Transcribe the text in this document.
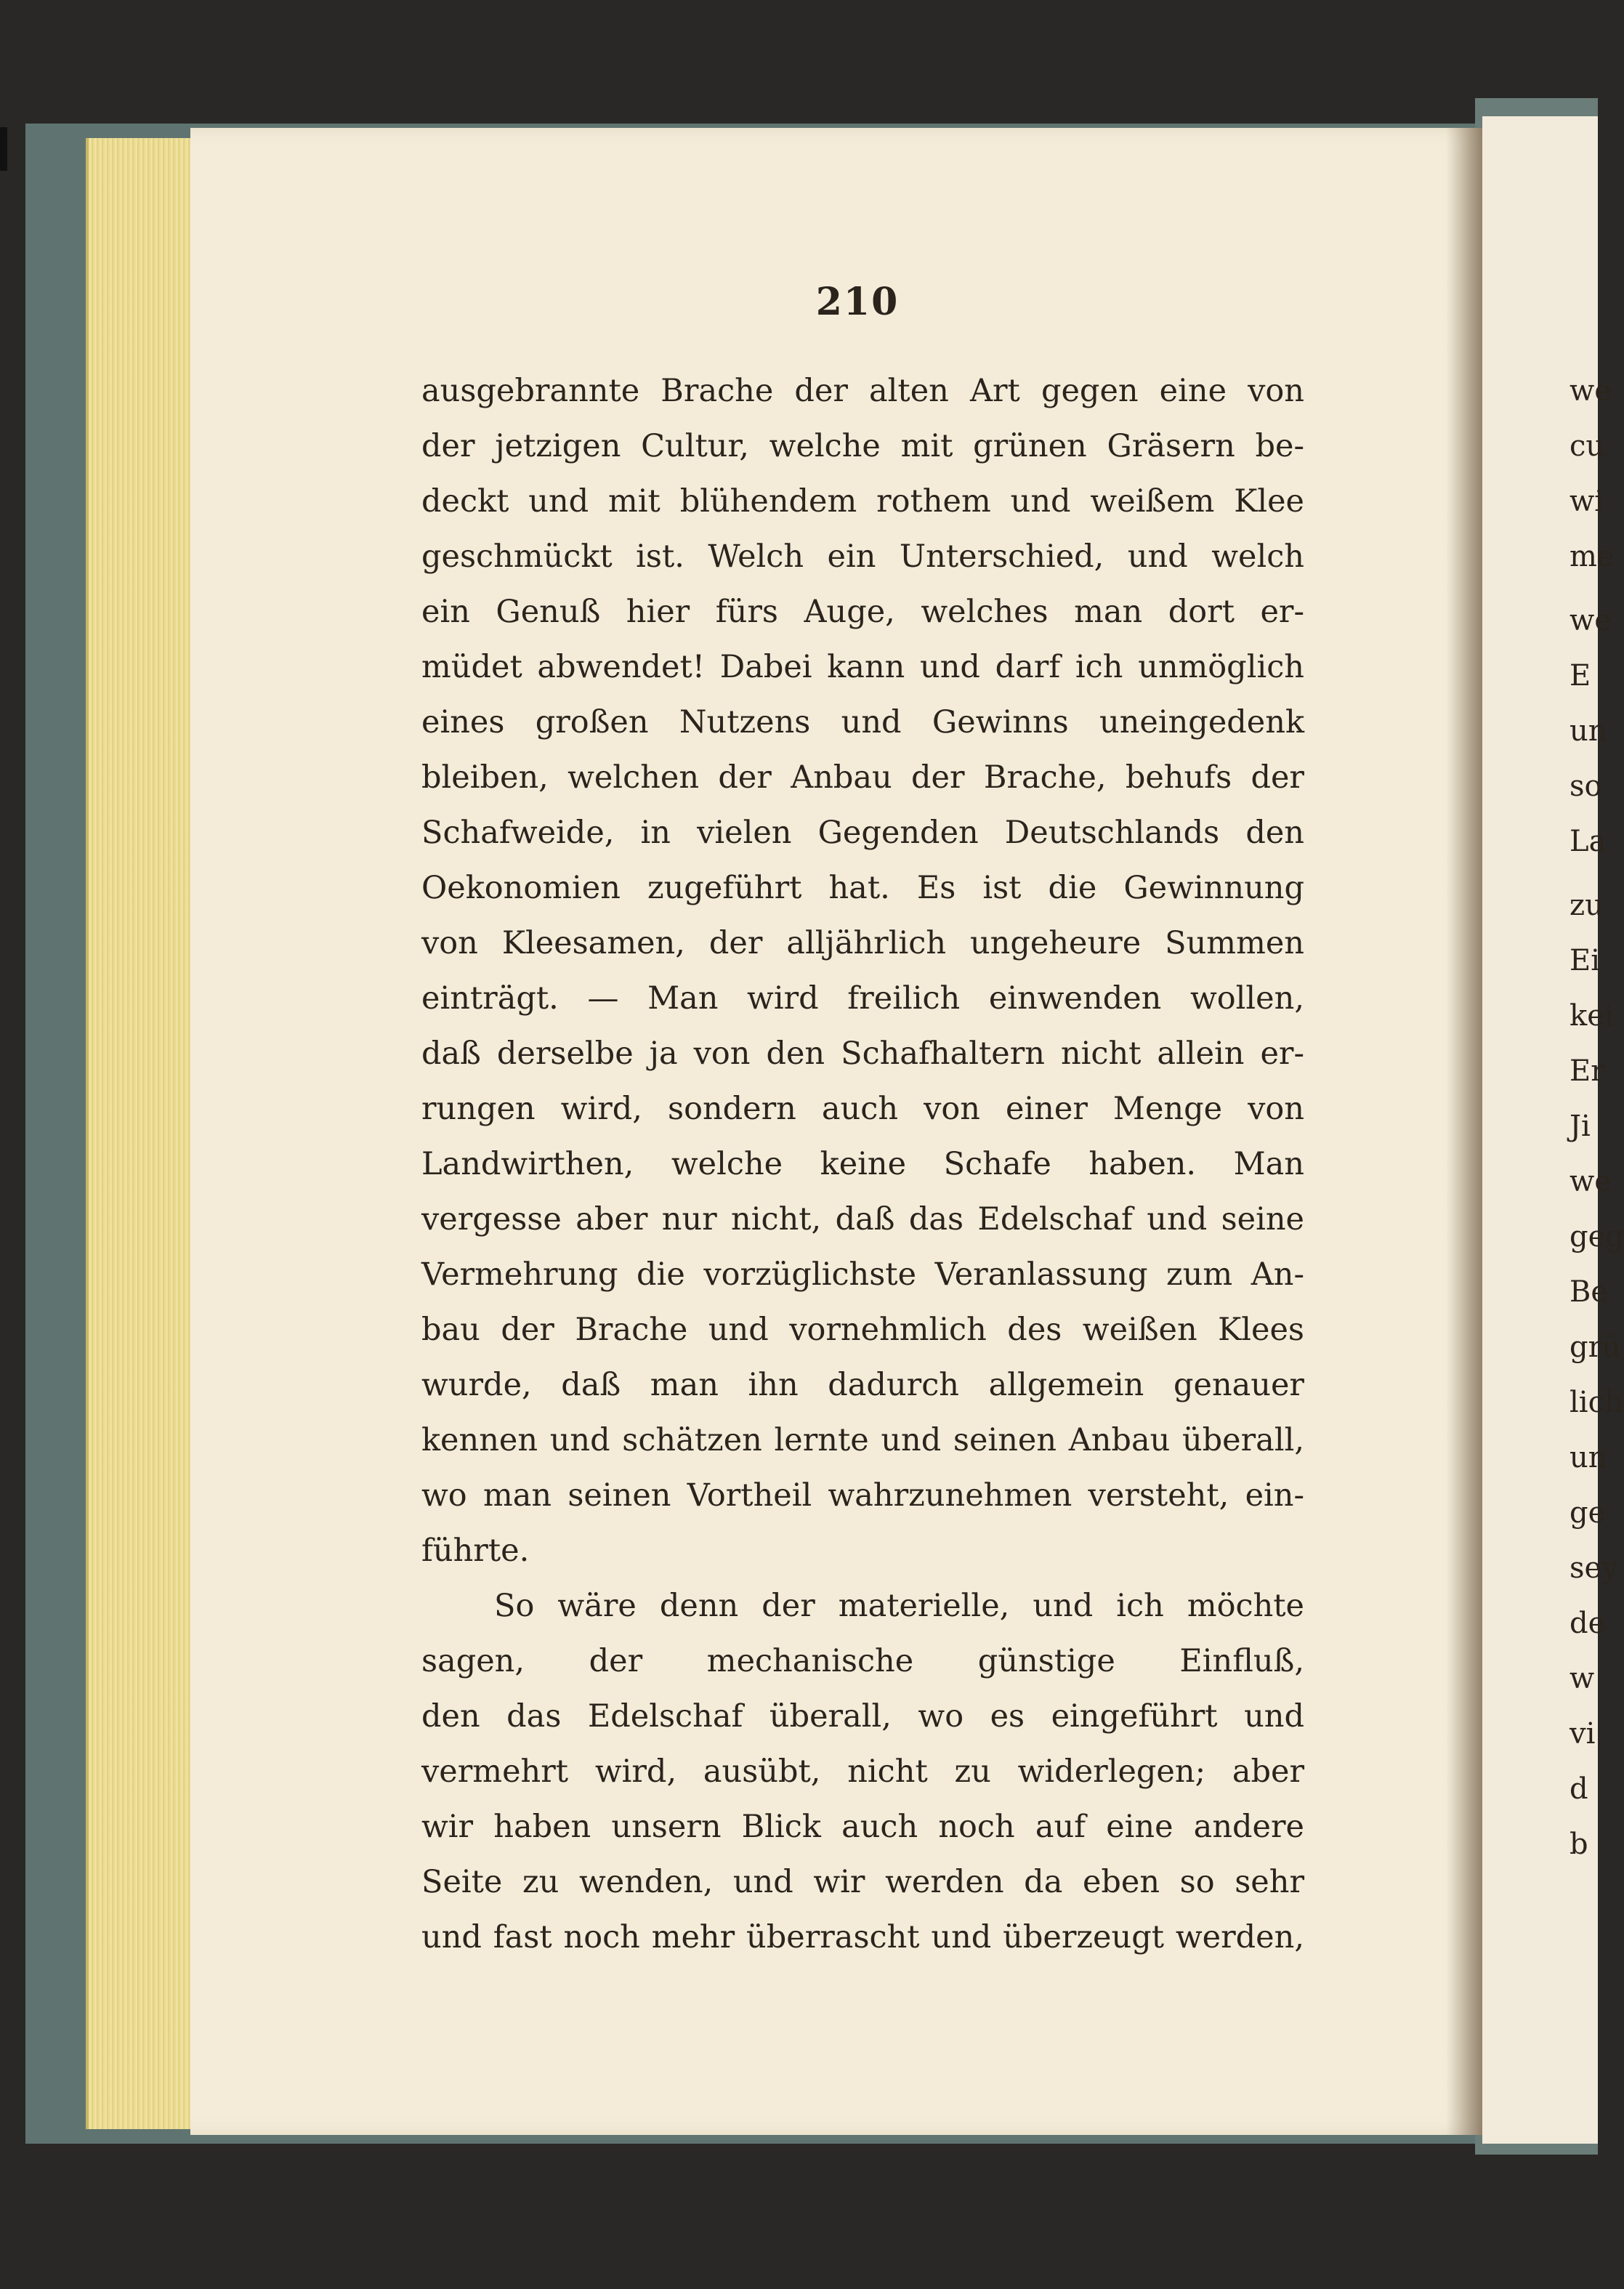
210
ausgebrannte Brache der alten Art gegen eine von
der jetzigen Cultur, welche mit grünen Gräsern be-
deckt und mit blühendem rothem und weißem Klee
geschmückt ist. Welch ein Unterschied, und welch
ein Genuß hier fürs Auge, welches man dort er-
müdet abwendet! Dabei kann und darf ich unmöglich
eines großen Nutzens und Gewinns uneingedenk
bleiben, welchen der Anbau der Brache, behufs der
Schafweide, in vielen Gegenden Deutschlands den
Oekonomien zugeführt hat. Es ist die Gewinnung
von Kleesamen, der alljährlich ungeheure Summen
einträgt. — Man wird freilich einwenden wollen,
daß derselbe ja von den Schafhaltern nicht allein er-
rungen wird, sondern auch von einer Menge von
Landwirthen, welche keine Schafe haben. Man
vergesse aber nur nicht, daß das Edelschaf und seine
Vermehrung die vorzüglichste Veranlassung zum An-
bau der Brache und vornehmlich des weißen Klees
wurde, daß man ihn dadurch allgemein genauer
kennen und schätzen lernte und seinen Anbau überall,
wo man seinen Vortheil wahrzunehmen versteht, ein-
führte.
So wäre denn der materielle, und ich möchte
sagen, der mechanische günstige Einfluß,
den das Edelschaf überall, wo es eingeführt und
vermehrt wird, ausübt, nicht zu widerlegen; aber
wir haben unsern Blick auch noch auf eine andere
Seite zu wenden, und wir werden da eben so sehr
und fast noch mehr überrascht und überzeugt werden,
we
cu
wi
me
we
E
un
so
La
zu
Ei
kei
Er
Ji
we
geg
Be
grü
lich
un
ge
sey
de
w
vi
d
b
